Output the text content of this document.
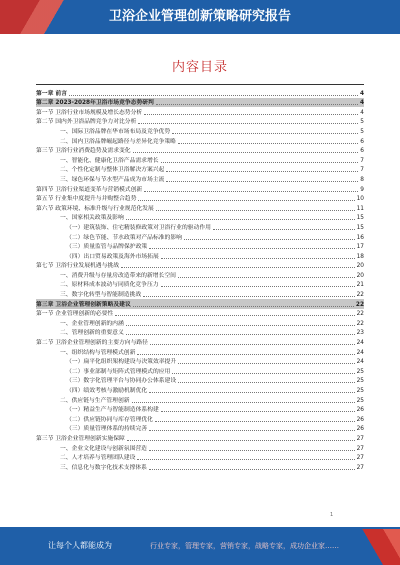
卫浴企业管理创新策略研究报告
内容目录
第一章 前言	4
第二章 2023-2028年卫浴市场竞争态势研判	4
第一节 卫浴行业市场规模及增长态势分析	4
第二节 国内外卫浴品牌竞争力对比分析	5
一、国际卫浴品牌在华市场布局及竞争优势	5
二、国内卫浴品牌崛起路径与差异化竞争策略	6
第三节 卫浴行业消费趋势及需求变化	6
一、智能化、健康化卫浴产品需求增长	7
二、个性化定制与整体卫浴解决方案兴起	7
三、绿色环保与节水型产品成为市场主流	8
第四节 卫浴行业渠道变革与营销模式创新	9
第五节 行业集中度提升与并购整合趋势	10
第六节 政策环境、标准升级与行业规范化发展	11
一、国家相关政策及影响	15
（一）建筑装饰、住宅精装修政策对卫浴行业的驱动作用	15
（二）绿色节能、节水政策对产品标准的影响	16
（三）质量监管与品牌保护政策	17
（四）出口贸易政策及海外市场拓展	18
第七节 卫浴行业发展机遇与挑战	20
一、消费升级与存量房改造带来的新增长空间	20
二、原材料成本波动与同质化竞争压力	21
三、数字化转型与智能制造挑战	22
第三章 卫浴企业管理创新策略及建议	22
第一节 企业管理创新的必要性	22
一、企业管理创新的内涵	22
二、管理创新的重要意义	23
第二节 卫浴企业管理创新的主要方向与路径	24
一、组织结构与管理模式创新	24
（一）扁平化组织架构建设与决策效率提升	24
（二）事业部制与矩阵式管理模式的应用	25
（三）数字化管理平台与协同办公体系建设	25
（四）绩效考核与激励机制优化	25
二、供应链与生产管理创新	25
（一）精益生产与智能制造体系构建	26
（二）供应链协同与库存管理优化	26
（三）质量管理体系的持续完善	26
第三节 卫浴企业管理创新实施保障	27
一、企业文化建设与创新氛围营造	27
二、人才培养与管理团队建设	27
三、信息化与数字化技术支撑体系	27
1
让每个人都能成为	行业专家，管理专家，营销专家，战略专家，成功企业家……
